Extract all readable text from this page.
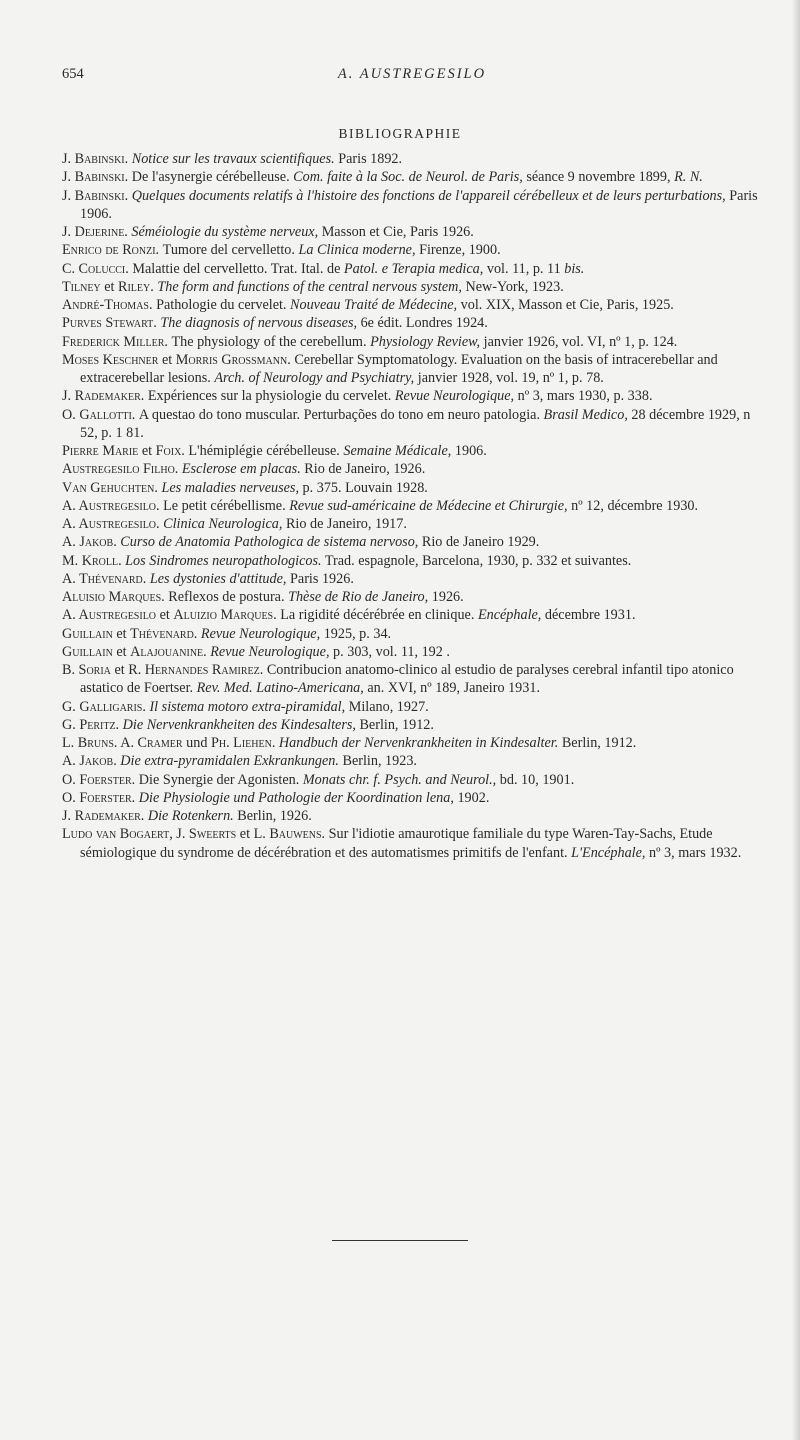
654	A. AUSTREGESILO
BIBLIOGRAPHIE

J. Babinski. Notice sur les travaux scientifiques. Paris 1892.

J. Babinski. De l'asynergie cérébelleuse. Com. faite à la Soc. de Neurol. de Paris, séance 9 novembre 1899, R. N.

J. Babinski. Quelques documents relatifs à l'histoire des fonctions de l'appareil cérébelleux et de leurs perturbations, Paris 1906.

J. Dejerine. Séméiologie du système nerveux, Masson et Cie, Paris 1926.

Enrico de Ronzi. Tumore del cervelletto. La Clinica moderne, Firenze, 1900.

C. Colucci. Malattie del cervelletto. Trat. Ital. de Patol. e Terapia medica, vol. 11, p. 11 bis.

Tilney et Riley. The form and functions of the central nervous system, New-York, 1923.

André-Thomas. Pathologie du cervelet. Nouveau Traité de Médecine, vol. XIX, Masson et Cie, Paris, 1925.

Purves Stewart. The diagnosis of nervous diseases, 6e édit. Londres 1924.

Frederick Miller. The physiology of the cerebellum. Physiology Review, janvier 1926, vol. VI, nº 1, p. 124.

Moses Keschner et Morris Grossmann. Cerebellar Symptomatology. Evaluation on the basis of intracerebellar and extracerebellar lesions. Arch. of Neurology and Psychiatry, janvier 1928, vol. 19, nº 1, p. 78.

J. Rademaker. Expériences sur la physiologie du cervelet. Revue Neurologique, nº 3, mars 1930, p. 338.

O. Gallotti. A questao do tono muscular. Perturbações do tono em neuro patologia. Brasil Medico, 28 décembre 1929, n 52, p. 1 81.

Pierre Marie et Foix. L'hémiplégie cérébelleuse. Semaine Médicale, 1906.

Austregesilo Filho. Esclerose em placas. Rio de Janeiro, 1926.

Van Gehuchten. Les maladies nerveuses, p. 375. Louvain 1928.

A. Austregesilo. Le petit cérébellisme. Revue sud-américaine de Médecine et Chirurgie, nº 12, décembre 1930.

A. Austregesilo. Clinica Neurologica, Rio de Janeiro, 1917.

A. Jakob. Curso de Anatomia Pathologica de sistema nervoso, Rio de Janeiro 1929.

M. Kroll. Los Sindromes neuropathologicos. Trad. espagnole, Barcelona, 1930, p. 332 et suivantes.

A. Thévenard. Les dystonies d'attitude, Paris 1926.

Aluisio Marques. Reflexos de postura. Thèse de Rio de Janeiro, 1926.

A. Austregesilo et Aluizio Marques. La rigidité décérébrée en clinique. Encéphale, décembre 1931.

Guillain et Thévenard. Revue Neurologique, 1925, p. 34.

Guillain et Alajouanine. Revue Neurologique, p. 303, vol. 11, 192 .

B. Soria et R. Hernandes Ramirez. Contribucion anatomo-clinico al estudio de paralyses cerebral infantil tipo atonico astatico de Foertser. Rev. Med. Latino-Americana, an. XVI, nº 189, Janeiro 1931.

G. Galligaris. Il sistema motoro extra-piramidal, Milano, 1927.

G. Peritz. Die Nervenkrankheiten des Kindesalters, Berlin, 1912.

L. Bruns. A. Cramer und Ph. Liehen. Handbuch der Nervenkrankheiten in Kindesalter. Berlin, 1912.

A. Jakob. Die extra-pyramidalen Exkrankungen. Berlin, 1923.

O. Foerster. Die Synergie der Agonisten. Monats chr. f. Psych. and Neurol., bd. 10, 1901.

O. Foerster. Die Physiologie und Pathologie der Koordination lena, 1902.

J. Rademaker. Die Rotenkern. Berlin, 1926.

Ludo van Bogaert, J. Sweerts et L. Bauwens. Sur l'idiotie amaurotique familiale du type Waren-Tay-Sachs, Etude sémiologique du syndrome de décérébration et des automatismes primitifs de l'enfant. L'Encéphale, nº 3, mars 1932.
